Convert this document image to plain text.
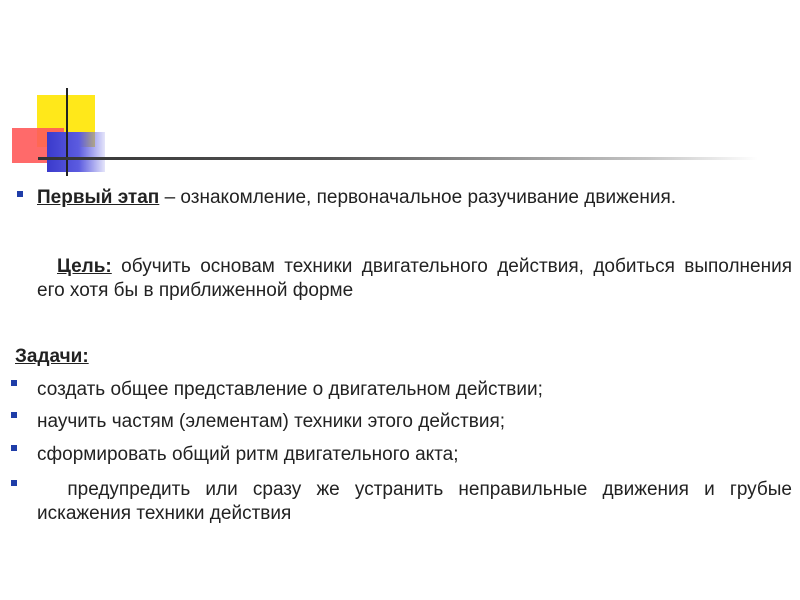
Первый этап – ознакомление, первоначальное разучивание движения.
Цель: обучить основам техники двигательного действия, добиться выполнения его хотя бы в приближенной форме
Задачи:
создать общее представление о двигательном действии;
научить частям (элементам) техники этого действия;
сформировать общий ритм двигательного акта;
предупредить или сразу же устранить неправильные движения и грубые искажения техники действия
